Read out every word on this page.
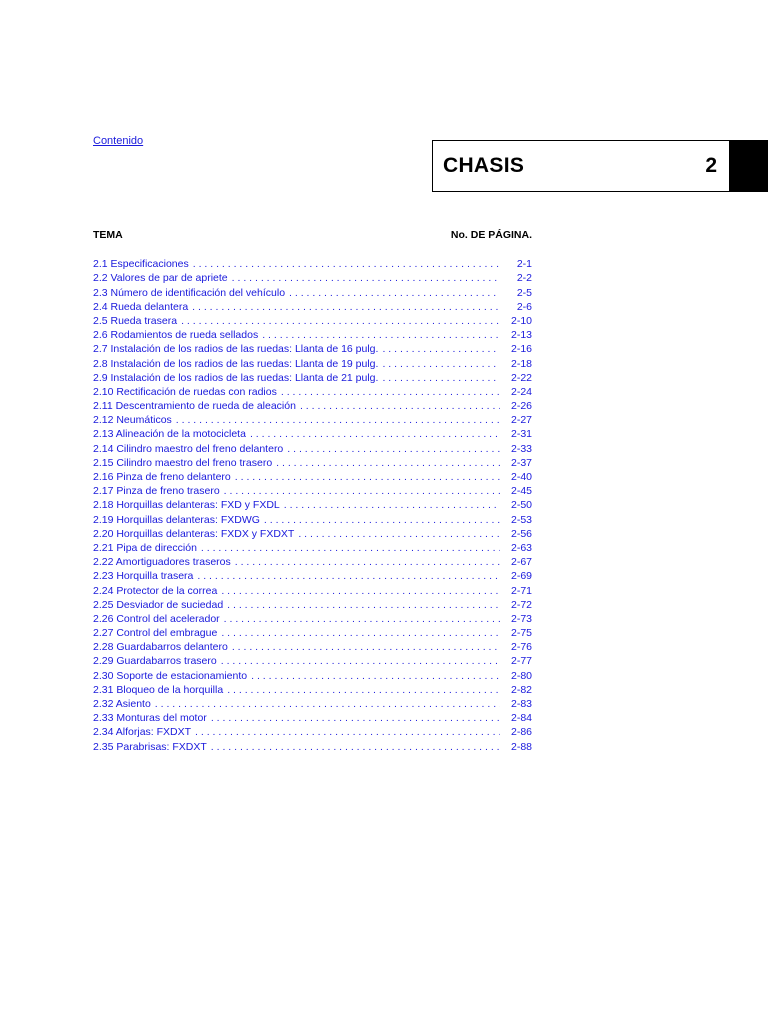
Contenido
CHASIS	2
TEMA	No. DE PÁGINA.
2.1 Especificaciones . . .	2-1
2.2 Valores de par de apriete . . .	2-2
2.3 Número de identificación del vehículo . . .	2-5
2.4 Rueda delantera . . .	2-6
2.5 Rueda trasera . . .	2-10
2.6 Rodamientos de rueda sellados . . .	2-13
2.7 Instalación de los radios de las ruedas: Llanta de 16 pulg. . . .	2-16
2.8 Instalación de los radios de las ruedas: Llanta de 19 pulg. . . .	2-18
2.9 Instalación de los radios de las ruedas: Llanta de 21 pulg. . . .	2-22
2.10 Rectificación de ruedas con radios . . .	2-24
2.11 Descentramiento de rueda de aleación . . .	2-26
2.12 Neumáticos . . .	2-27
2.13 Alineación de la motocicleta . . .	2-31
2.14 Cilindro maestro del freno delantero . . .	2-33
2.15 Cilindro maestro del freno trasero . . .	2-37
2.16 Pinza de freno delantero . . .	2-40
2.17 Pinza de freno trasero . . .	2-45
2.18 Horquillas delanteras: FXD y FXDL . . .	2-50
2.19 Horquillas delanteras: FXDWG . . .	2-53
2.20 Horquillas delanteras: FXDX y FXDXT . . .	2-56
2.21 Pipa de dirección . . .	2-63
2.22 Amortiguadores traseros . . .	2-67
2.23 Horquilla trasera . . .	2-69
2.24 Protector de la correa . . .	2-71
2.25 Desviador de suciedad . . .	2-72
2.26 Control del acelerador . . .	2-73
2.27 Control del embrague . . .	2-75
2.28 Guardabarros delantero . . .	2-76
2.29 Guardabarros trasero . . .	2-77
2.30 Soporte de estacionamiento . . .	2-80
2.31 Bloqueo de la horquilla . . .	2-82
2.32 Asiento . . .	2-83
2.33 Monturas del motor . . .	2-84
2.34 Alforjas: FXDXT . . .	2-86
2.35 Parabrisas: FXDXT . . .	2-88
